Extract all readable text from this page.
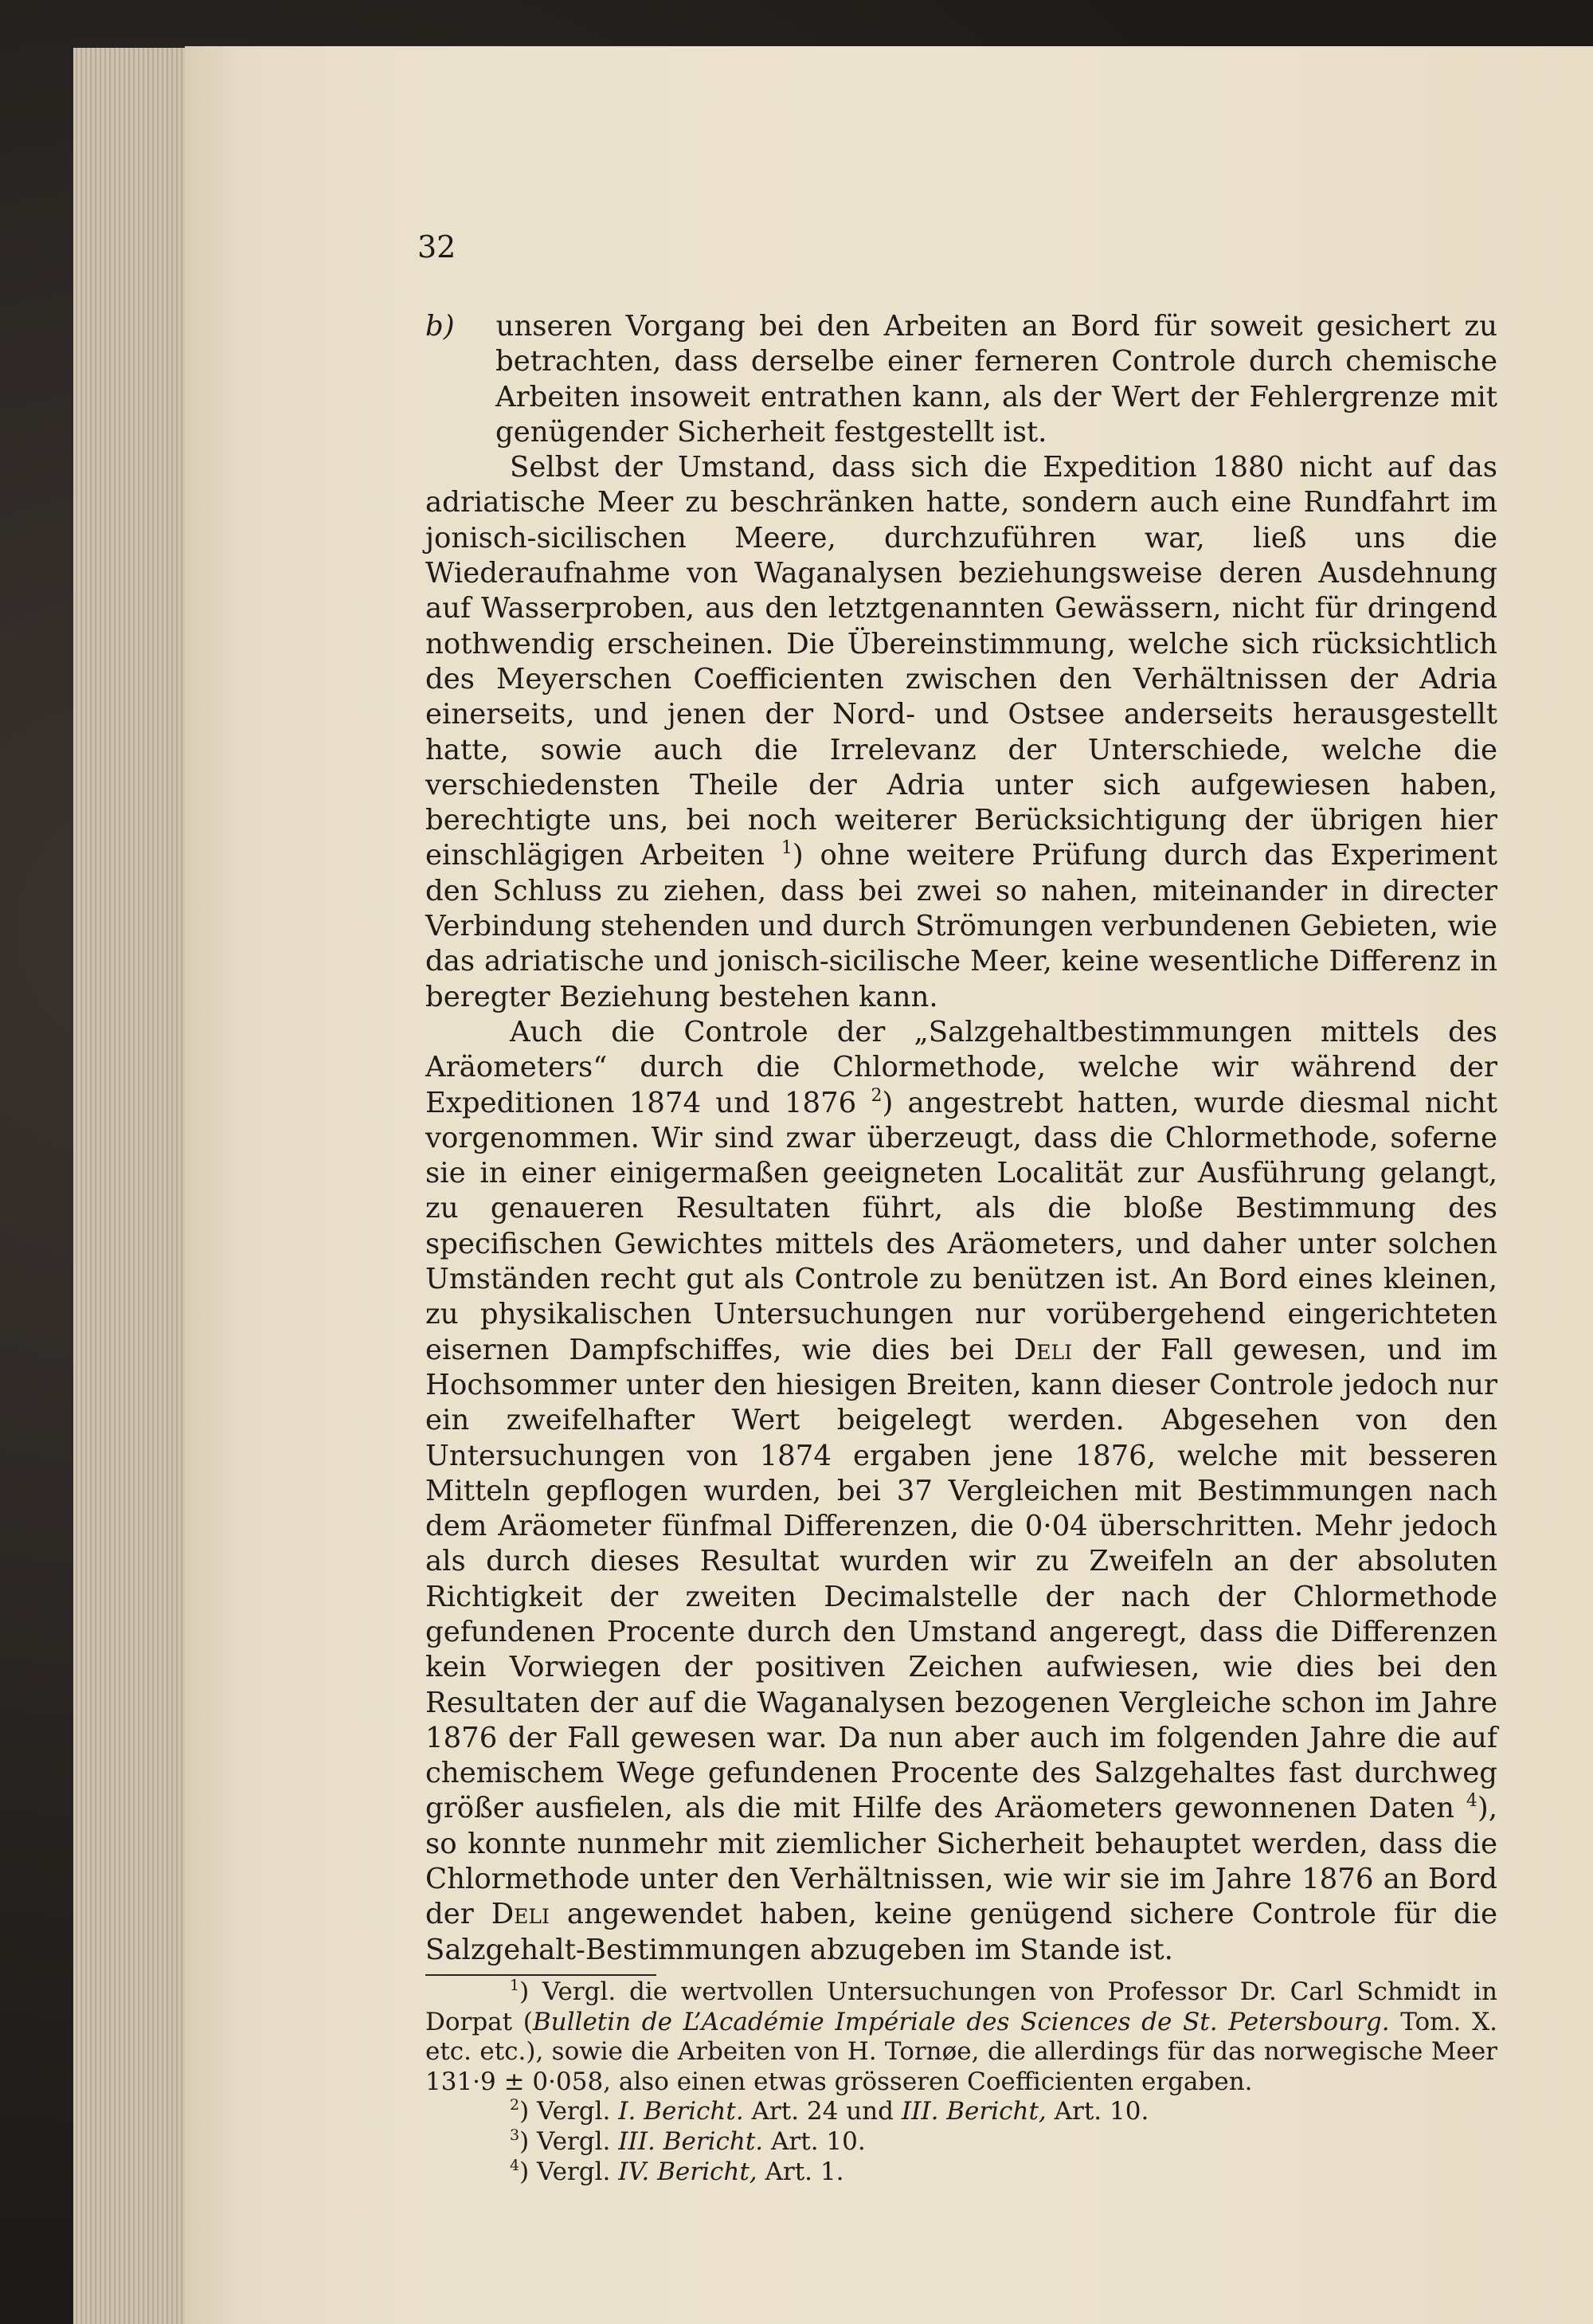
32

b) unseren Vorgang bei den Arbeiten an Bord für soweit gesichert zu betrachten, dass derselbe einer ferneren Controle durch chemische Arbeiten insoweit entrathen kann, als der Wert der Fehlergrenze mit genügender Sicherheit festgestellt ist.

Selbst der Umstand, dass sich die Expedition 1880 nicht auf das adriatische Meer zu beschränken hatte, sondern auch eine Rundfahrt im jonisch-sicilischen Meere, durchzuführen war, ließ uns die Wiederaufnahme von Waganalysen beziehungsweise deren Ausdehnung auf Wasserproben, aus den letztgenannten Gewässern, nicht für dringend nothwendig erscheinen. Die Übereinstimmung, welche sich rücksichtlich des Meyerschen Coefficienten zwischen den Verhältnissen der Adria einerseits, und jenen der Nord- und Ostsee anderseits herausgestellt hatte, sowie auch die Irrelevanz der Unterschiede, welche die verschiedensten Theile der Adria unter sich aufgewiesen haben, berechtigte uns, bei noch weiterer Berücksichtigung der übrigen hier einschlägigen Arbeiten $^1$) ohne weitere Prüfung durch das Experiment den Schluss zu ziehen, dass bei zwei so nahen, miteinander in directer Verbindung stehenden und durch Strömungen verbundenen Gebieten, wie das adriatische und jonisch-sicilische Meer, keine wesentliche Differenz in beregter Beziehung bestehen kann.

Auch die Controle der „Salzgehaltbestimmungen mittels des Aräometers“ durch die Chlormethode, welche wir während der Expeditionen 1874 und 1876 $^2$) angestrebt hatten, wurde diesmal nicht vorgenommen. Wir sind zwar überzeugt, dass die Chlormethode, soferne sie in einer einigermaßen geeigneten Localität zur Ausführung gelangt, zu genaueren Resultaten führt, als die bloße Bestimmung des specifischen Gewichtes mittels des Aräometers, und daher unter solchen Umständen recht gut als Controle zu benützen ist. An Bord eines kleinen, zu physikalischen Untersuchungen nur vorübergehend eingerichteten eisernen Dampfschiffes, wie dies bei Deli der Fall gewesen, und im Hochsommer unter den hiesigen Breiten, kann dieser Controle jedoch nur ein zweifelhafter Wert beigelegt werden. Abgesehen von den Untersuchungen von 1874 ergaben jene 1876, welche mit besseren Mitteln gepflogen wurden, bei 37 Vergleichen mit Bestimmungen nach dem Aräometer fünfmal Differenzen, die 0·04 überschritten. Mehr jedoch als durch dieses Resultat wurden wir zu Zweifeln an der absoluten Richtigkeit der zweiten Decimalstelle der nach der Chlormethode gefundenen Procente durch den Umstand angeregt, dass die Differenzen kein Vorwiegen der positiven Zeichen aufwiesen, wie dies bei den Resultaten der auf die Waganalysen bezogenen Vergleiche schon im Jahre 1876 der Fall gewesen war. Da nun aber auch im folgenden Jahre die auf chemischem Wege gefundenen Procente des Salzgehaltes fast durchweg größer ausfielen, als die mit Hilfe des Aräometers gewonnenen Daten $^4$), so konnte nunmehr mit ziemlicher Sicherheit behauptet werden, dass die Chlormethode unter den Verhältnissen, wie wir sie im Jahre 1876 an Bord der Deli angewendet haben, keine genügend sichere Controle für die Salzgehalt-Bestimmungen abzugeben im Stande ist.

$^1$) Vergl. die wertvollen Untersuchungen von Professor Dr. Carl Schmidt in Dorpat (Bulletin de L’Académie Impériale des Sciences de St. Petersbourg. Tom. X. etc. etc.), sowie die Arbeiten von H. Tornøe, die allerdings für das norwegische Meer 131·9 ± 0·058, also einen etwas grösseren Coefficienten ergaben.

$^2$) Vergl. I. Bericht. Art. 24 und III. Bericht, Art. 10.

$^3$) Vergl. III. Bericht. Art. 10.

$^4$) Vergl. IV. Bericht, Art. 1.
